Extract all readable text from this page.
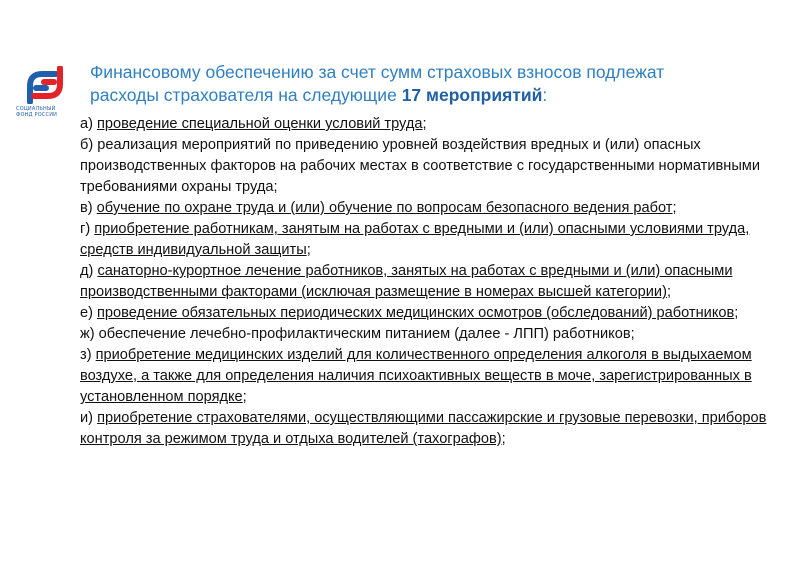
СОЦИАЛЬНЫЙ
ФОНД РОССИИ
Финансовому обеспечению за счет сумм страховых взносов подлежат расходы страхователя на следующие 17 мероприятий:

а) проведение специальной оценки условий труда;

б) реализация мероприятий по приведению уровней воздействия вредных и (или) опасных производственных факторов на рабочих местах в соответствие с государственными нормативными требованиями охраны труда;

в) обучение по охране труда и (или) обучение по вопросам безопасного ведения работ;

г) приобретение работникам, занятым на работах с вредными и (или) опасными условиями труда, средств индивидуальной защиты;

д) санаторно-курортное лечение работников, занятых на работах с вредными и (или) опасными производственными факторами (исключая размещение в номерах высшей категории);

е) проведение обязательных периодических медицинских осмотров (обследований) работников;

ж) обеспечение лечебно-профилактическим питанием (далее - ЛПП) работников;

з) приобретение медицинских изделий для количественного определения алкоголя в выдыхаемом воздухе, а также для определения наличия психоактивных веществ в моче, зарегистрированных в установленном порядке;

и) приобретение страхователями, осуществляющими пассажирские и грузовые перевозки, приборов контроля за режимом труда и отдыха водителей (тахографов);
